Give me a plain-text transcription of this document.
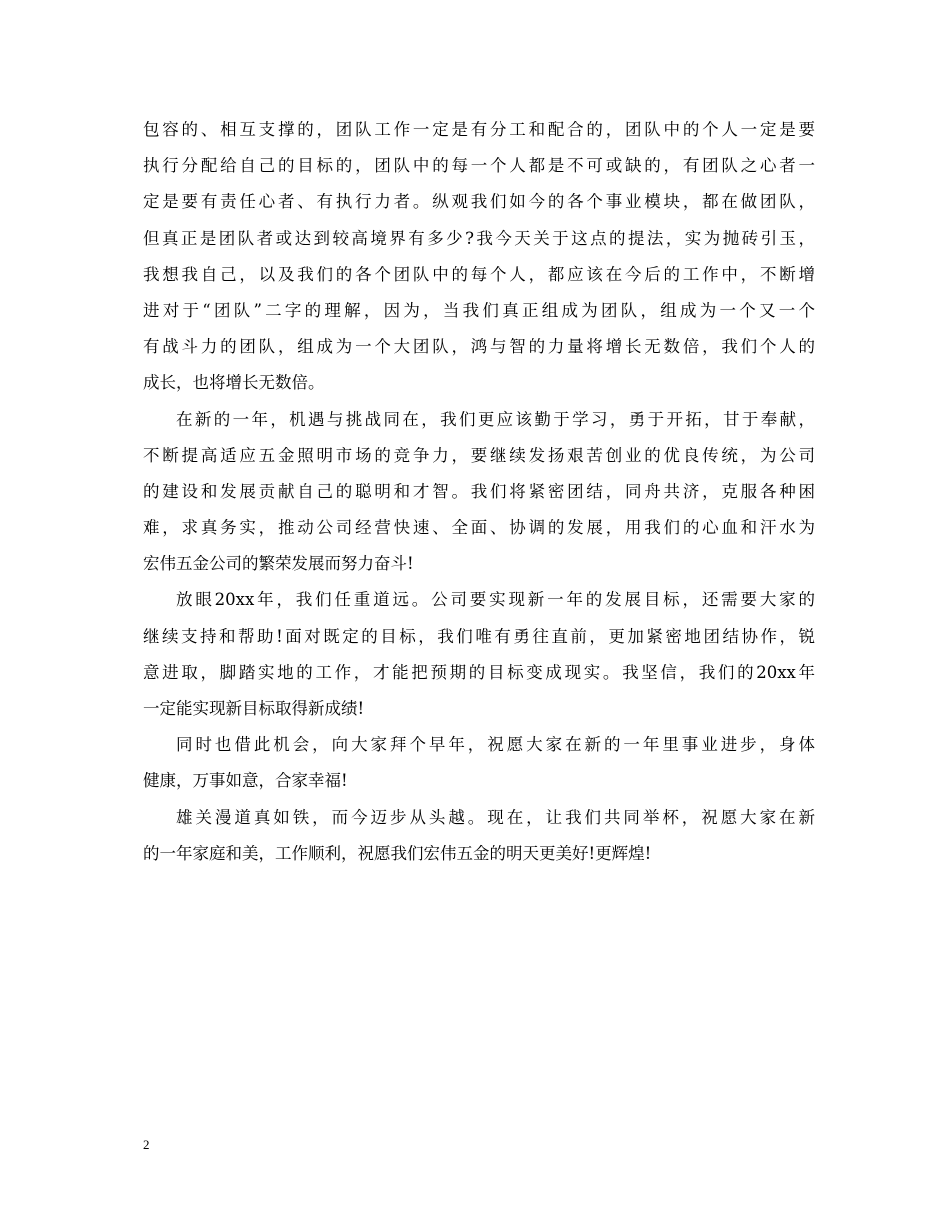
包容的、相互支撑的，团队工作一定是有分工和配合的，团队中的个人一定是要
执行分配给自己的目标的，团队中的每一个人都是不可或缺的，有团队之心者一
定是要有责任心者、有执行力者。纵观我们如今的各个事业模块，都在做团队，
但真正是团队者或达到较高境界有多少?我今天关于这点的提法，实为抛砖引玉，
我想我自己，以及我们的各个团队中的每个人，都应该在今后的工作中，不断增
进对于“团队”二字的理解，因为，当我们真正组成为团队，组成为一个又一个
有战斗力的团队，组成为一个大团队，鸿与智的力量将增长无数倍，我们个人的
成长，也将增长无数倍。
在新的一年，机遇与挑战同在，我们更应该勤于学习，勇于开拓，甘于奉献，
不断提高适应五金照明市场的竞争力，要继续发扬艰苦创业的优良传统，为公司
的建设和发展贡献自己的聪明和才智。我们将紧密团结，同舟共济，克服各种困
难，求真务实，推动公司经营快速、全面、协调的发展，用我们的心血和汗水为
宏伟五金公司的繁荣发展而努力奋斗!
放眼20xx年，我们任重道远。公司要实现新一年的发展目标，还需要大家的
继续支持和帮助!面对既定的目标，我们唯有勇往直前，更加紧密地团结协作，锐
意进取，脚踏实地的工作，才能把预期的目标变成现实。我坚信，我们的20xx年
一定能实现新目标取得新成绩!
同时也借此机会，向大家拜个早年，祝愿大家在新的一年里事业进步，身体
健康，万事如意，合家幸福!
雄关漫道真如铁，而今迈步从头越。现在，让我们共同举杯，祝愿大家在新
的一年家庭和美，工作顺利，祝愿我们宏伟五金的明天更美好!更辉煌!
2
